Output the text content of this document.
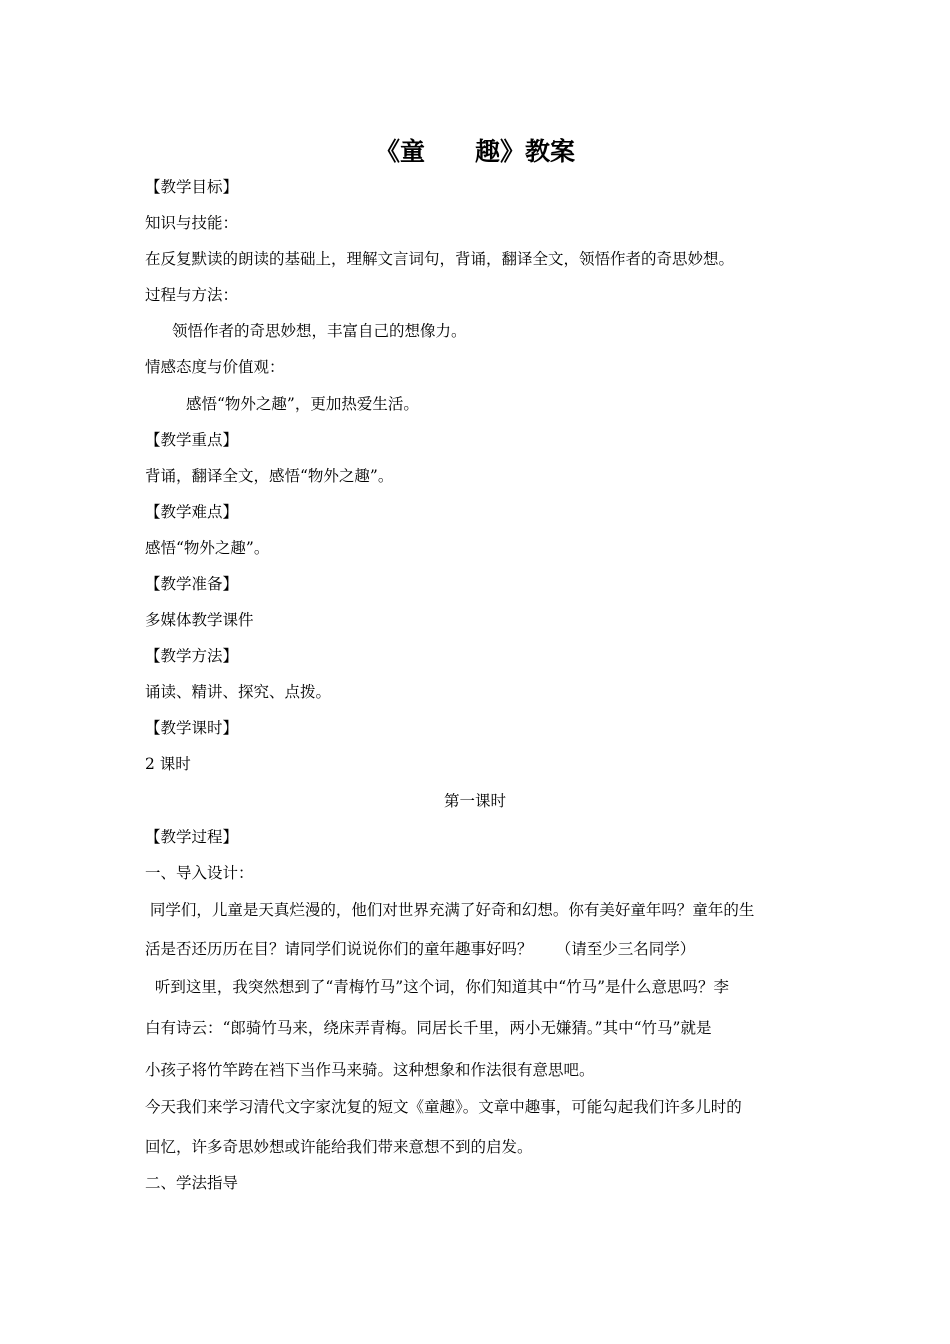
《童　　趣》教案
【教学目标】
知识与技能：
在反复默读的朗读的基础上，理解文言词句，背诵，翻译全文，领悟作者的奇思妙想。
过程与方法：
领悟作者的奇思妙想，丰富自己的想像力。
情感态度与价值观：
感悟“物外之趣”，更加热爱生活。
【教学重点】
背诵，翻译全文，感悟“物外之趣”。
【教学难点】
感悟“物外之趣”。
【教学准备】
多媒体教学课件
【教学方法】
诵读、精讲、探究、点拨。
【教学课时】
2 课时
第一课时
【教学过程】
一、导入设计：
同学们，儿童是天真烂漫的，他们对世界充满了好奇和幻想。你有美好童年吗？童年的生
活是否还历历在目？请同学们说说你们的童年趣事好吗？　　（请至少三名同学）
听到这里，我突然想到了“青梅竹马”这个词，你们知道其中“竹马”是什么意思吗？李
白有诗云：“郎骑竹马来，绕床弄青梅。同居长千里，两小无嫌猜。”其中“竹马”就是
小孩子将竹竿跨在裆下当作马来骑。这种想象和作法很有意思吧。
今天我们来学习清代文字家沈复的短文《童趣》。文章中趣事，可能勾起我们许多儿时的
回忆，许多奇思妙想或许能给我们带来意想不到的启发。
二、学法指导
